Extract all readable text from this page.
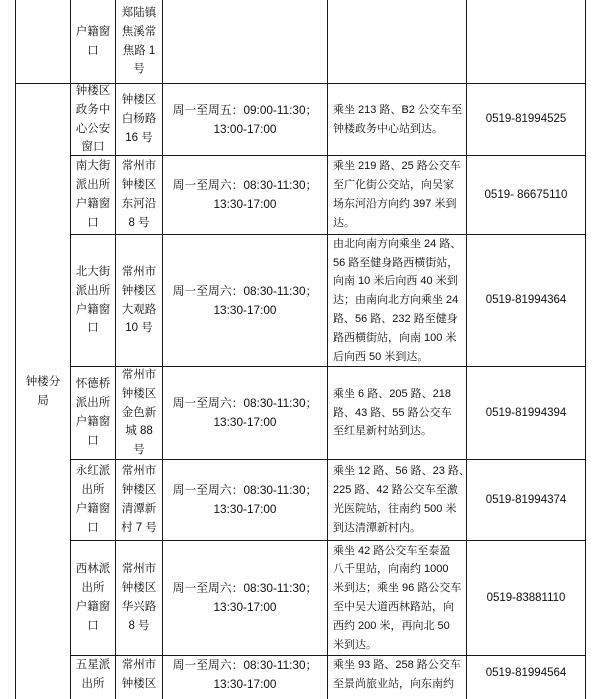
户籍窗
口
郑陆镇
焦溪常
焦路 1
号
钟楼分
局
钟楼区
政务中
心公安
窗口
钟楼区
白杨路
16 号
周一至周五：09:00-11:30；
13:00-17:00
乘坐 213 路、B2 公交车至
钟楼政务中心站到达。
0519-81994525
南大街
派出所
户籍窗
口
常州市
钟楼区
东河沿
8 号
周一至周六：08:30-11:30；
13:30-17:00
乘坐 219 路、25 路公交车
至广化街公交站，向吴家
场东河沿方向约 397 米到
达。
0519- 86675110
北大街
派出所
户籍窗
口
常州市
钟楼区
大观路
10 号
周一至周六：08:30-11:30；
13:30-17:00
由北向南方向乘坐 24 路、
56 路至健身路西横街站，
向南 10 米后向西 40 米到
达；由南向北方向乘坐 24
路、56 路、232 路至健身
路西横街站，向南 100 米
后向西 50 米到达。
0519-81994364
怀德桥
派出所
户籍窗
口
常州市
钟楼区
金色新
城 88
号
周一至周六：08:30-11:30；
13:30-17:00
乘坐 6 路、205 路、218
路、43 路、55 路公交车
至红星新村站到达。
0519-81994394
永红派
出所
户籍窗
口
常州市
钟楼区
清潭新
村 7 号
周一至周六：08:30-11:30；
13:30-17:00
乘坐 12 路、56 路、23 路、
225 路、42 路公交车至激
光医院站，往南约 500 米
到达清潭新村内。
0519-81994374
西林派
出所
户籍窗
口
常州市
钟楼区
华兴路
8 号
周一至周六：08:30-11:30；
13:30-17:00
乘坐 42 路公交车至泰盈
八千里站，向南约 1000
米到达；乘坐 96 路公交车
至中吴大道西林路站，向
西约 200 米，再向北 50
米到达。
0519-83881110
五星派
出所
常州市
钟楼区
周一至周六：08:30-11:30；
13:30-17:00
乘坐 93 路、258 路公交车
至景尚旅业站，向东南约
0519-81994564
